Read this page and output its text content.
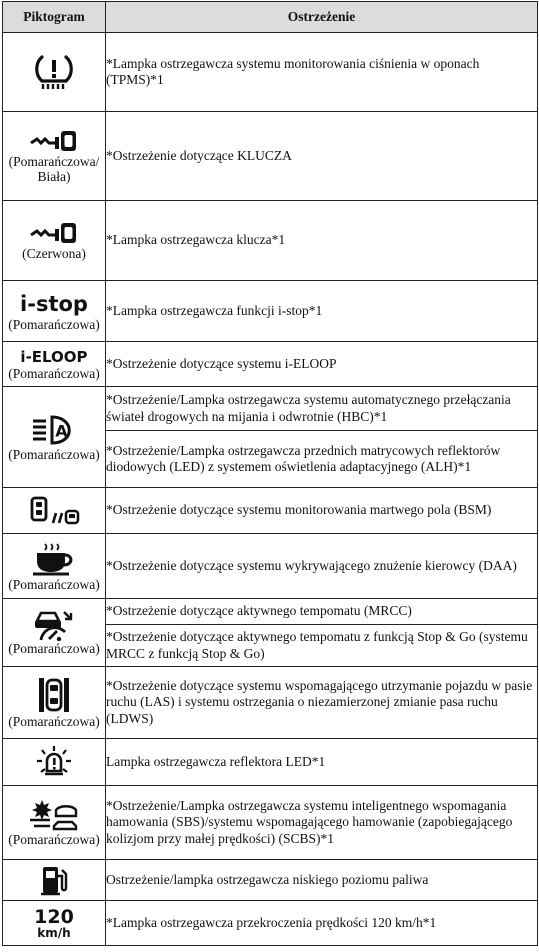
Piktogram	Ostrzeżenie

	*Lampka ostrzegawcza systemu monitorowania ciśnienia w oponach (TPMS)*1

(Pomarańczowa/ Biała)	*Ostrzeżenie dotyczące KLUCZA

(Czerwona)	*Lampka ostrzegawcza klucza*1

i-stop
(Pomarańczowa)	*Lampka ostrzegawcza funkcji i-stop*1

i-ELOOP
(Pomarańczowa)	*Ostrzeżenie dotyczące systemu i-ELOOP

A
(Pomarańczowa)	*Ostrzeżenie/Lampka ostrzegawcza systemu automatycznego przełączania świateł drogowych na mijania i odwrotnie (HBC)*1
	*Ostrzeżenie/Lampka ostrzegawcza przednich matrycowych reflektorów diodowych (LED) z systemem oświetlenia adaptacyjnego (ALH)*1

	*Ostrzeżenie dotyczące systemu monitorowania martwego pola (BSM)

(Pomarańczowa)	*Ostrzeżenie dotyczące systemu wykrywającego znużenie kierowcy (DAA)

(Pomarańczowa)	*Ostrzeżenie dotyczące aktywnego tempomatu (MRCC)
	*Ostrzeżenie dotyczące aktywnego tempomatu z funkcją Stop & Go (systemu MRCC z funkcją Stop & Go)

(Pomarańczowa)	*Ostrzeżenie dotyczące systemu wspomagającego utrzymanie pojazdu w pasie ruchu (LAS) i systemu ostrzegania o niezamierzonej zmianie pasa ruchu (LDWS)

	Lampka ostrzegawcza reflektora LED*1

(Pomarańczowa)	*Ostrzeżenie/Lampka ostrzegawcza systemu inteligentnego wspomagania hamowania (SBS)/systemu wspomagającego hamowanie (zapobiegającego kolizjom przy małej prędkości) (SCBS)*1

	Ostrzeżenie/lampka ostrzegawcza niskiego poziomu paliwa

120
km/h	*Lampka ostrzegawcza przekroczenia prędkości 120 km/h*1
